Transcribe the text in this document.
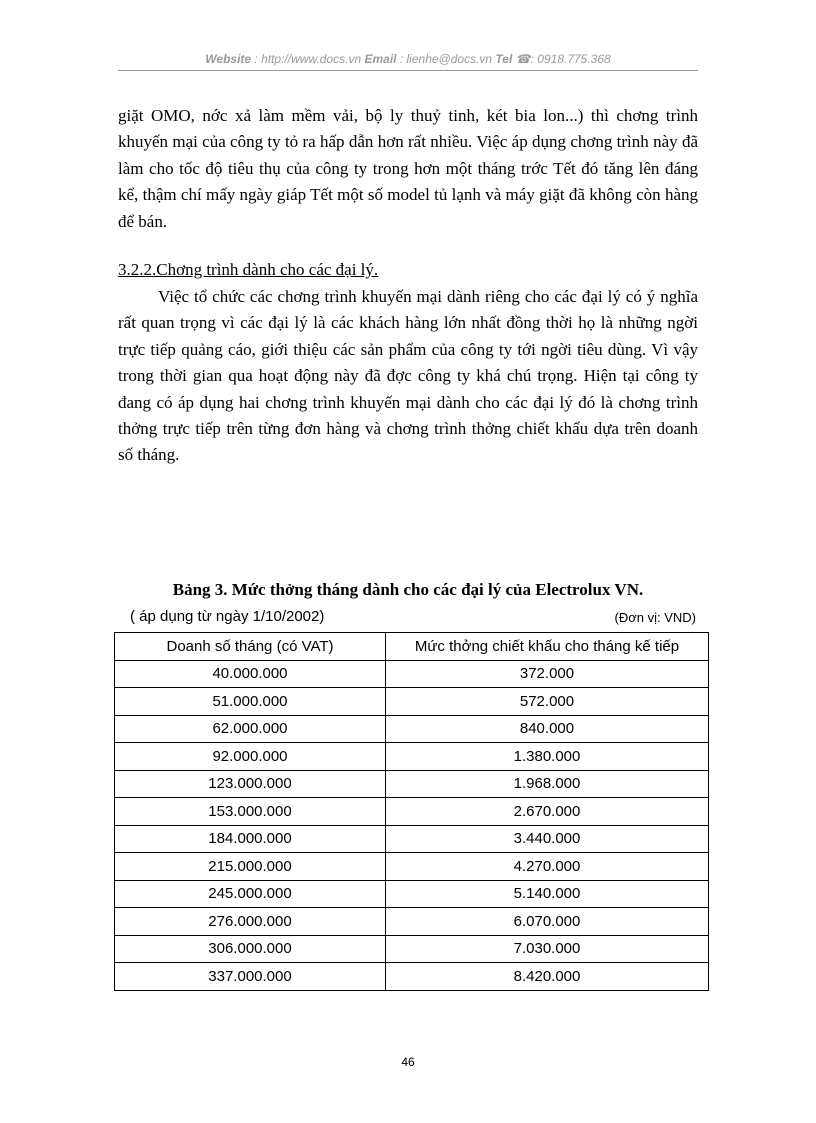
Website : http://www.docs.vn Email : lienhe@docs.vn Tel ☎: 0918.775.368

giặt OMO, nớc xả làm mềm vải, bộ ly thuỷ tinh, két bia lon...) thì chơng trình khuyến mại của công ty tỏ ra hấp dẫn hơn rất nhiều. Việc áp dụng chơng trình này đã làm cho tốc độ tiêu thụ của công ty trong hơn một tháng trớc Tết đó tăng lên đáng kể, thậm chí mấy ngày giáp Tết một số model tủ lạnh và máy giặt đã không còn hàng để bán.

3.2.2.Chơng trình dành cho các đại lý.

Việc tổ chức các chơng trình khuyến mại dành riêng cho các đại lý có ý nghĩa rất quan trọng vì các đại lý là các khách hàng lớn nhất đồng thời họ là những ngời trực tiếp quảng cáo, giới thiệu các sản phẩm của công ty tới ngời tiêu dùng. Vì vậy trong thời gian qua hoạt động này đã đợc công ty khá chú trọng. Hiện tại công ty đang có áp dụng hai chơng trình khuyến mại dành cho các đại lý đó là chơng trình thởng trực tiếp trên từng đơn hàng và chơng trình thởng chiết khấu dựa trên doanh số tháng.

Bảng 3. Mức thởng tháng dành cho các đại lý của Electrolux VN.
( áp dụng từ ngày 1/10/2002)	(Đơn vị: VND)
Doanh số tháng (có VAT)	Mức thởng chiết khấu cho tháng kế tiếp
40.000.000	372.000
51.000.000	572.000
62.000.000	840.000
92.000.000	1.380.000
123.000.000	1.968.000
153.000.000	2.670.000
184.000.000	3.440.000
215.000.000	4.270.000
245.000.000	5.140.000
276.000.000	6.070.000
306.000.000	7.030.000
337.000.000	8.420.000
46
